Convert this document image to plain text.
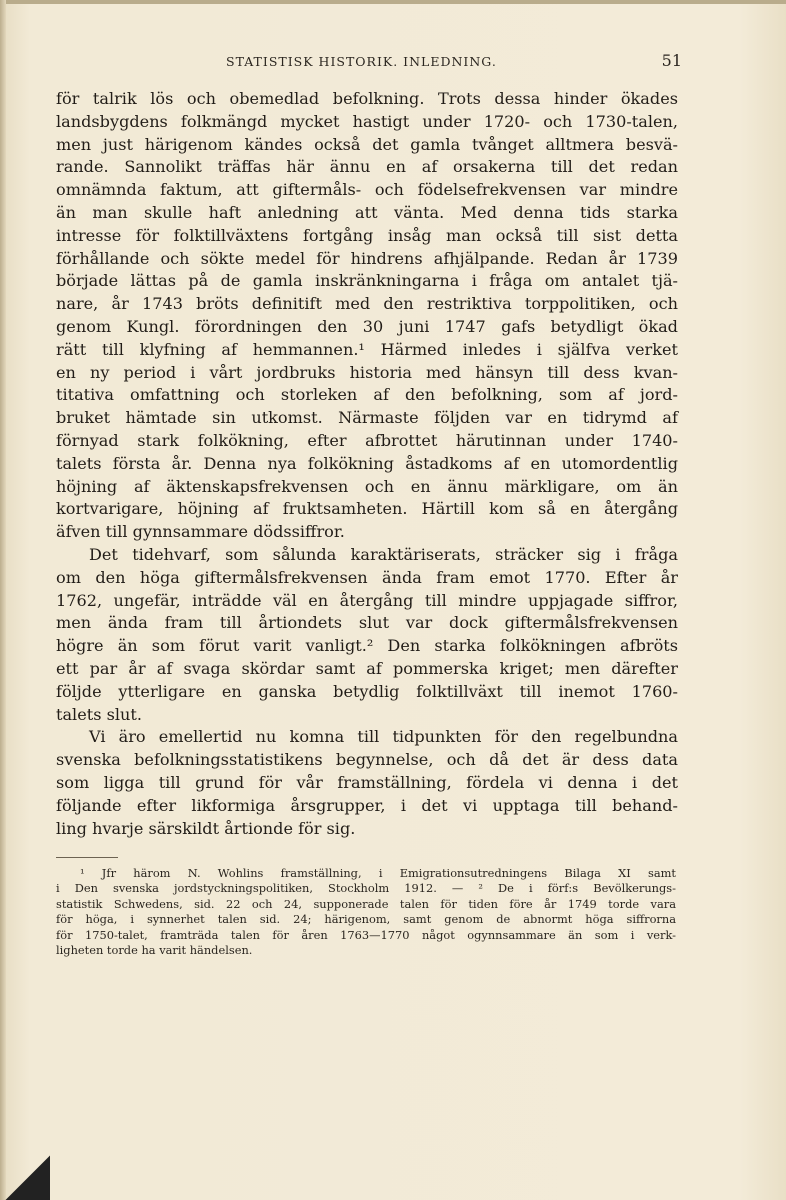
STATISTISK HISTORIK. INLEDNING.	51
för talrik lös och obemedlad befolkning. Trots dessa hinder ökades
landsbygdens folkmängd mycket hastigt under 1720- och 1730-talen,
men just härigenom kändes också det gamla tvånget alltmera besvä-
rande. Sannolikt träffas här ännu en af orsakerna till det redan
omnämnda faktum, att giftermåls- och födelsefrekvensen var mindre
än man skulle haft anledning att vänta. Med denna tids starka
intresse för folktillväxtens fortgång insåg man också till sist detta
förhållande och sökte medel för hindrens afhjälpande. Redan år 1739
började lättas på de gamla inskränkningarna i fråga om antalet tjä-
nare, år 1743 bröts definitift med den restriktiva torppolitiken, och
genom Kungl. förordningen den 30 juni 1747 gafs betydligt ökad
rätt till klyfning af hemmannen.¹ Härmed inledes i själfva verket
en ny period i vårt jordbruks historia med hänsyn till dess kvan-
titativa omfattning och storleken af den befolkning, som af jord-
bruket hämtade sin utkomst. Närmaste följden var en tidrymd af
förnyad stark folkökning, efter afbrottet härutinnan under 1740-
talets första år. Denna nya folkökning åstadkoms af en utomordentlig
höjning af äktenskapsfrekvensen och en ännu märkligare, om än
kortvarigare, höjning af fruktsamheten. Härtill kom så en återgång
äfven till gynnsammare dödssiffror.
Det tidehvarf, som sålunda karaktäriserats, sträcker sig i fråga
om den höga giftermålsfrekvensen ända fram emot 1770. Efter år
1762, ungefär, inträdde väl en återgång till mindre uppjagade siffror,
men ända fram till årtiondets slut var dock giftermålsfrekvensen
högre än som förut varit vanligt.² Den starka folkökningen afbröts
ett par år af svaga skördar samt af pommerska kriget; men därefter
följde ytterligare en ganska betydlig folktillväxt till inemot 1760-
talets slut.
Vi äro emellertid nu komna till tidpunkten för den regelbundna
svenska befolkningsstatistikens begynnelse, och då det är dess data
som ligga till grund för vår framställning, fördela vi denna i det
följande efter likformiga årsgrupper, i det vi upptaga till behand-
ling hvarje särskildt årtionde för sig.
¹ Jfr härom N. Wohlins framställning, i Emigrationsutredningens Bilaga XI samt
i Den svenska jordstyckningspolitiken, Stockholm 1912. — ² De i förf:s Bevölkerungs-
statistik Schwedens, sid. 22 och 24, supponerade talen för tiden före år 1749 torde vara
för höga, i synnerhet talen sid. 24; härigenom, samt genom de abnormt höga siffrorna
för 1750-talet, framträda talen för åren 1763—1770 något ogynnsammare än som i verk-
ligheten torde ha varit händelsen.
